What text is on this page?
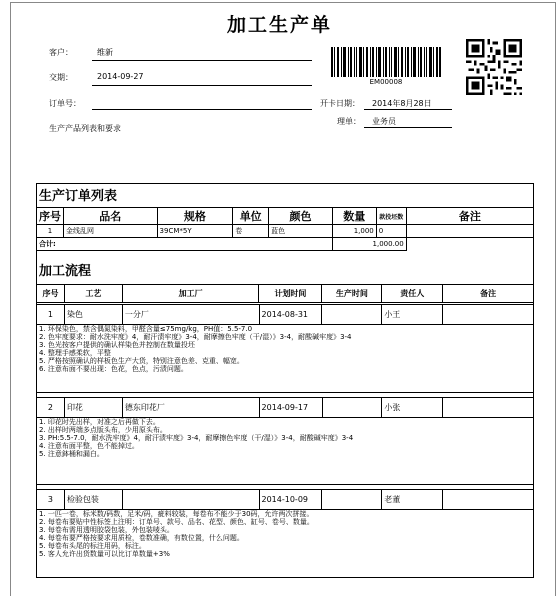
加工生产单
客户：	维新
交期：	2014-09-27
订单号：	开卡日期： 2014年8月28日
理单： 业务员
生产产品列表和要求
EM00008
生产订单列表
序号	品名	规格	单位	颜色	数量	款投坯数	备注
1	金线乱网	39CM*5Y	卷	蓝色	1,000	0	
合计:					1,000.00		
加工流程
序号	工艺	加工厂	计划时间	生产时间	责任人	备注
1	染色	一分厂	2014-08-31		小王	
1. 环保染色，禁含偶氮染料，甲醛含量≤75mg/kg，PH值：5.5-7.0
2. 色牢度要求：耐水洗牢度》4，耐汗渍牢度》3-4，耐摩擦色牢度（干/湿）》3-4，耐酸碱牢度》3-4
3. 色光按客户提供的确认样染色并控制在数量投坯
4. 整理手感柔软，平整
5. 严格按照确认的样板色生产大货，特别注意色差、克重、幅宽。
6. 注意布面不要出现：色花，色点，污渍问题。
2	印花	德东印花厂	2014-09-17		小张	
1. 印花时先出样，对准之后再做下去。
2. 出样时两端多点版头布，少用原头布。
3. PH:5.5-7.0，耐水洗牢度》4，耐汗渍牢度》3-4，耐摩擦色牢度（干/湿）》3-4，耐酸碱牢度》3-4
4. 注意布面平整，色不能掉过。
5. 注意鉢桶和漏白。
3	检验包装		2014-10-09		老董	
1. 一匹一卷，标米数/码数，足米/码，疵料较装，每卷布不能少于30码，允许两次拼接。
2. 每卷布要贴中性标签上注明：订单号、款号、品名、花型、颜色、缸号、卷号、数量。
3. 每卷布需用透明胶袋包装，外包装唛头。
4. 每卷布要严格按要求用质检，卷数准确，有数位置，什么问题。
5. 每卷布头尾的标注用码，标注。
5. 客人允许出货数量可以比订单数量+3%
